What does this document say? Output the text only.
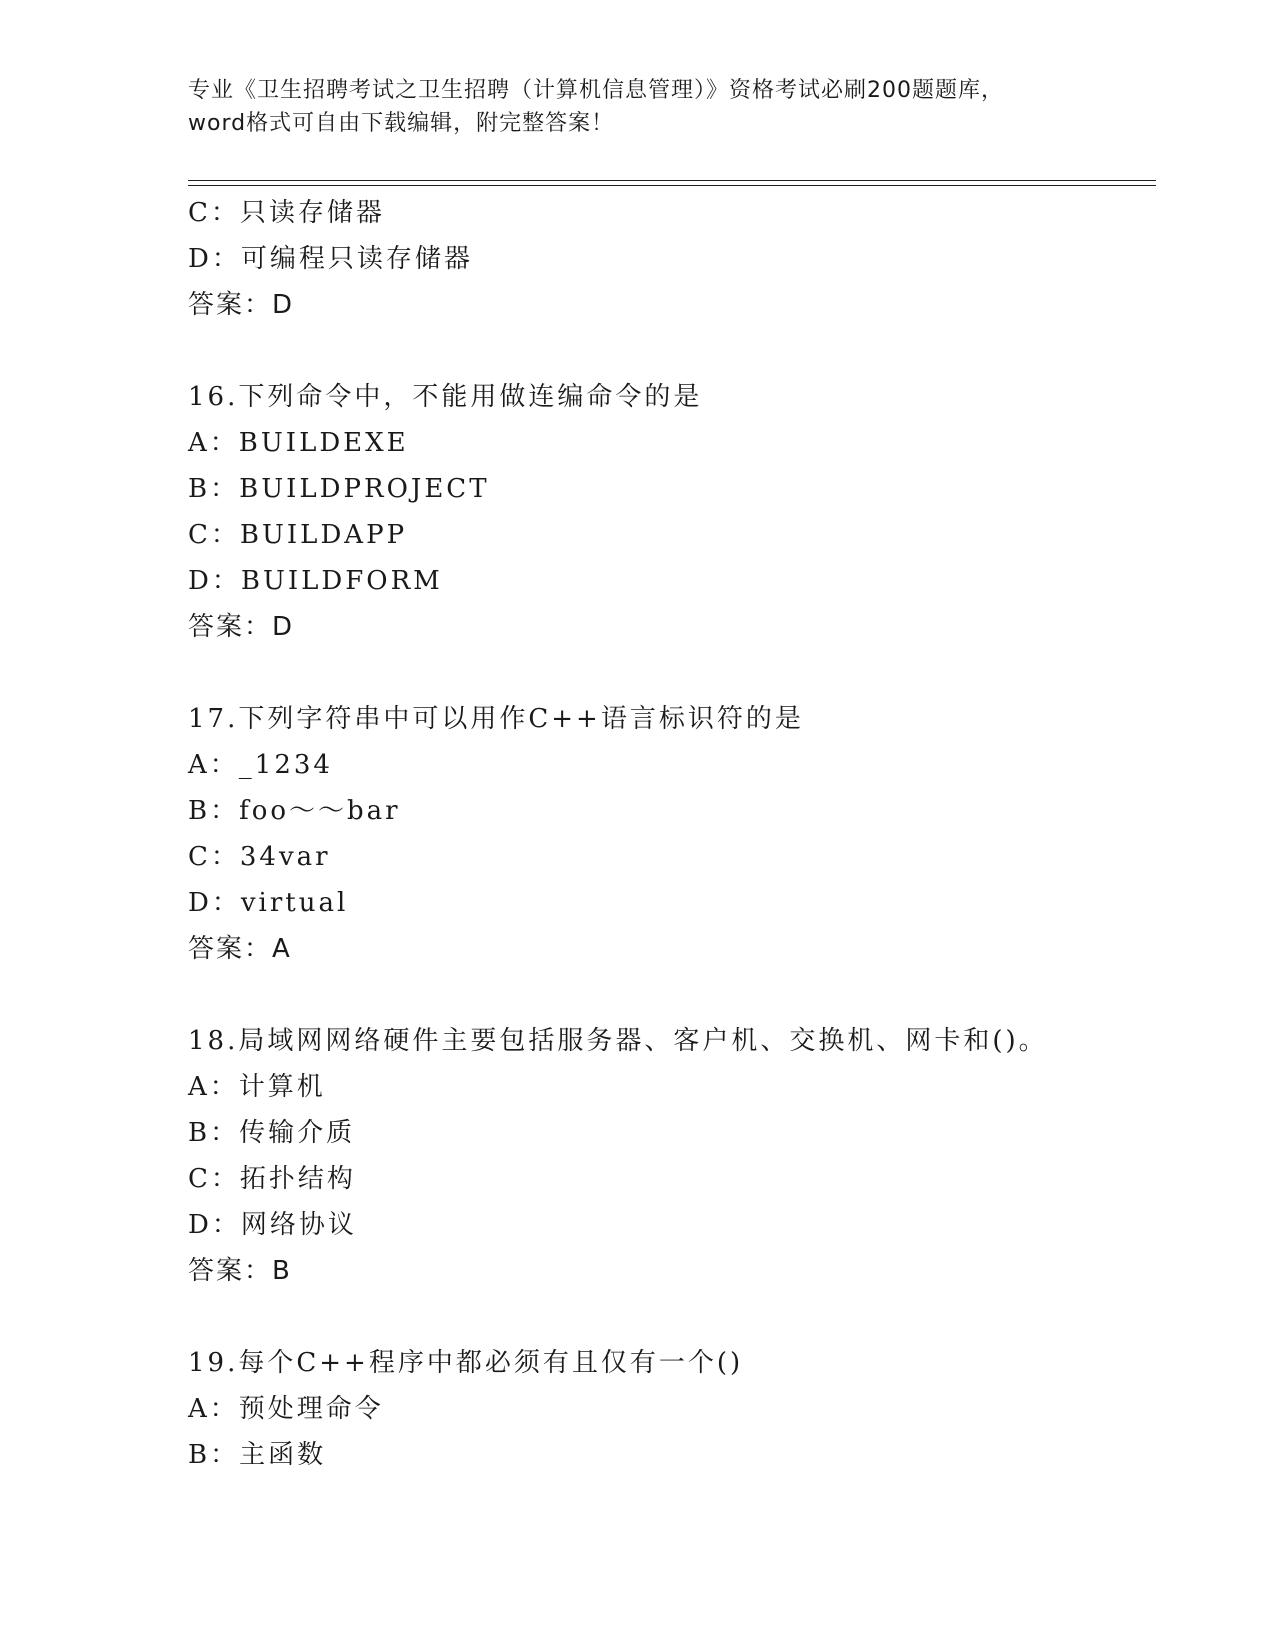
专业《卫生招聘考试之卫生招聘（计算机信息管理）》资格考试必刷200题题库，
word格式可自由下载编辑，附完整答案！
C：只读存储器
D：可编程只读存储器
答案：D
16.下列命令中，不能用做连编命令的是
A：BUILDEXE
B：BUILDPROJECT
C：BUILDAPP
D：BUILDFORM
答案：D
17.下列字符串中可以用作C++语言标识符的是
A：_1234
B：foo～～bar
C：34var
D：virtual
答案：A
18.局域网网络硬件主要包括服务器、客户机、交换机、网卡和()。
A：计算机
B：传输介质
C：拓扑结构
D：网络协议
答案：B
19.每个C++程序中都必须有且仅有一个()
A：预处理命令
B：主函数
